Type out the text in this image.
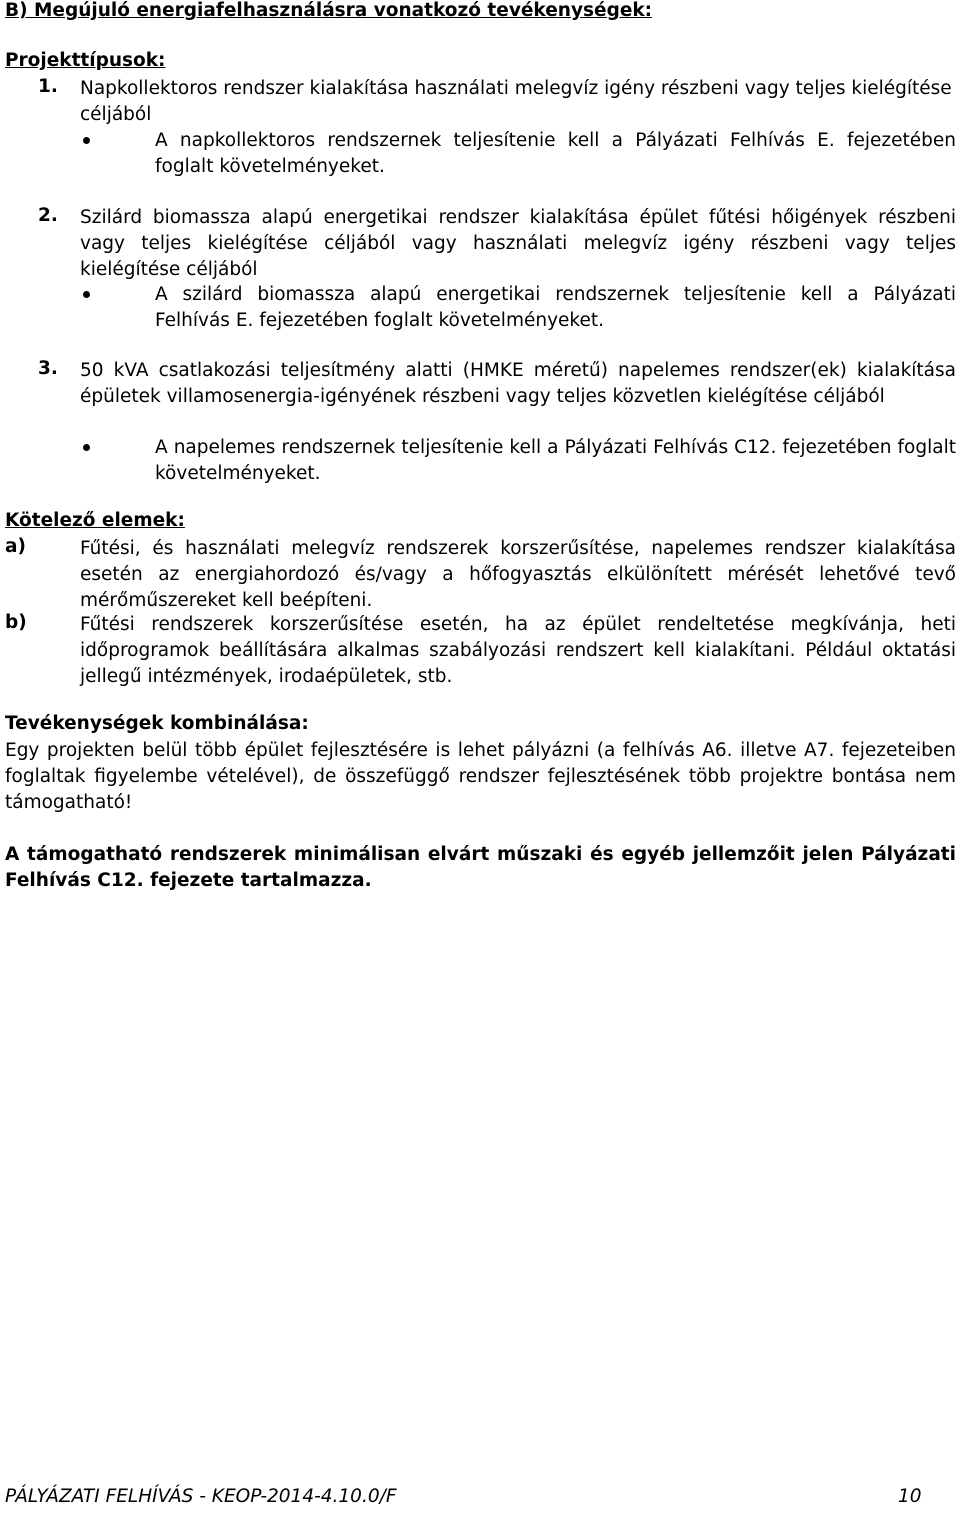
B) Megújuló energiafelhasználásra vonatkozó tevékenységek:
Projekttípusok:
1. Napkollektoros rendszer kialakítása használati melegvíz igény részbeni vagy teljes kielégítése céljából
A napkollektoros rendszernek teljesítenie kell a Pályázati Felhívás E. fejezetében foglalt követelményeket.
2. Szilárd biomassza alapú energetikai rendszer kialakítása épület fűtési hőigények részbeni vagy teljes kielégítése céljából vagy használati melegvíz igény részbeni vagy teljes kielégítése céljából
A szilárd biomassza alapú energetikai rendszernek teljesítenie kell a Pályázati Felhívás E. fejezetében foglalt követelményeket.
3. 50 kVA csatlakozási teljesítmény alatti (HMKE méretű) napelemes rendszer(ek) kialakítása épületek villamosenergia-igényének részbeni vagy teljes közvetlen kielégítése céljából
A napelemes rendszernek teljesítenie kell a Pályázati Felhívás C12. fejezetében foglalt követelményeket.
Kötelező elemek:
a)	Fűtési, és használati melegvíz rendszerek korszerűsítése, napelemes rendszer kialakítása esetén az energiahordozó és/vagy a hőfogyasztás elkülönített mérését lehetővé tevő mérőműszereket kell beépíteni.
b)	Fűtési rendszerek korszerűsítése esetén, ha az épület rendeltetése megkívánja, heti időprogramok beállítására alkalmas szabályozási rendszert kell kialakítani. Például oktatási jellegű intézmények, irodaépületek, stb.
Tevékenységek kombinálása:
Egy projekten belül több épület fejlesztésére is lehet pályázni (a felhívás A6. illetve A7. fejezeteiben foglaltak figyelembe vételével), de összefüggő rendszer fejlesztésének több projektre bontása nem támogatható!
A támogatható rendszerek minimálisan elvárt műszaki és egyéb jellemzőit jelen Pályázati Felhívás C12. fejezete tartalmazza.
PÁLYÁZATI FELHÍVÁS - KEOP-2014-4.10.0/F	10
